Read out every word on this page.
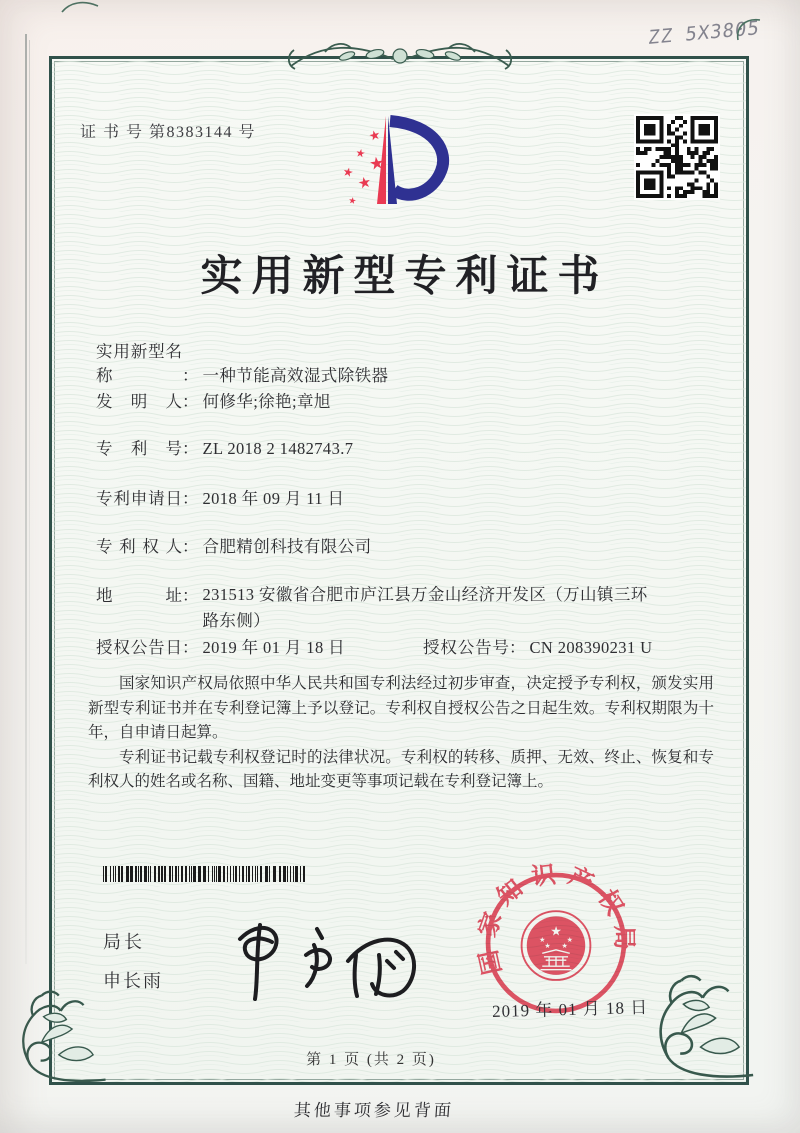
ZZ 5X3805
证 书 号 第8383144 号	★
★ ★
★
★
★
实用新型专利证书
实用新型名称	： 一种节能高效湿式除铁器
发明人： 何修华;徐艳;章旭
专利号： ZL 2018 2 1482743.7
专利申请日： 2018 年 09 月 11 日
专利权人： 合肥精创科技有限公司
地址： 231513 安徽省合肥市庐江县万金山经济开发区（万山镇三环路东侧）
授权公告日： 2019 年 01 月 18 日	授权公告号： CN 208390231 U

国家知识产权局依照中华人民共和国专利法经过初步审查，决定授予专利权，颁发实用新型专利证书并在专利登记簿上予以登记。专利权自授权公告之日起生效。专利权期限为十年，自申请日起算。

专利证书记载专利权登记时的法律状况。专利权的转移、质押、无效、终止、恢复和专利权人的姓名或名称、国籍、地址变更等事项记载在专利登记簿上。

局长
申长雨
国家知识产权局
★
★	★
★ ★
2019 年 01 月 18 日
第 1 页 (共 2 页)
其他事项参见背面
